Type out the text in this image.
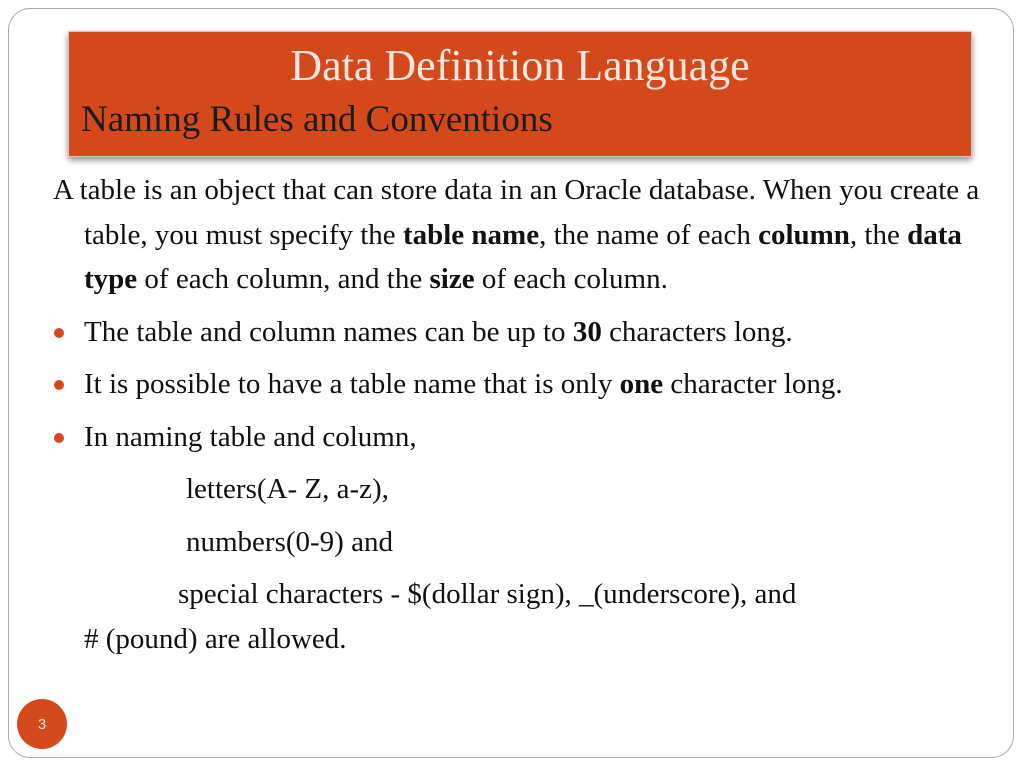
Data Definition Language
Naming Rules and Conventions

A table is an object that can store data in an Oracle database. When you create a table, you must specify the table name, the name of each column, the data type of each column, and the size of each column.

The table and column names can be up to 30 characters long.

It is possible to have a table name that is only one character long.

In naming table and column,

letters(A- Z, a-z),

numbers(0-9) and

special characters - $(dollar sign), _(underscore), and

# (pound) are allowed.

3
